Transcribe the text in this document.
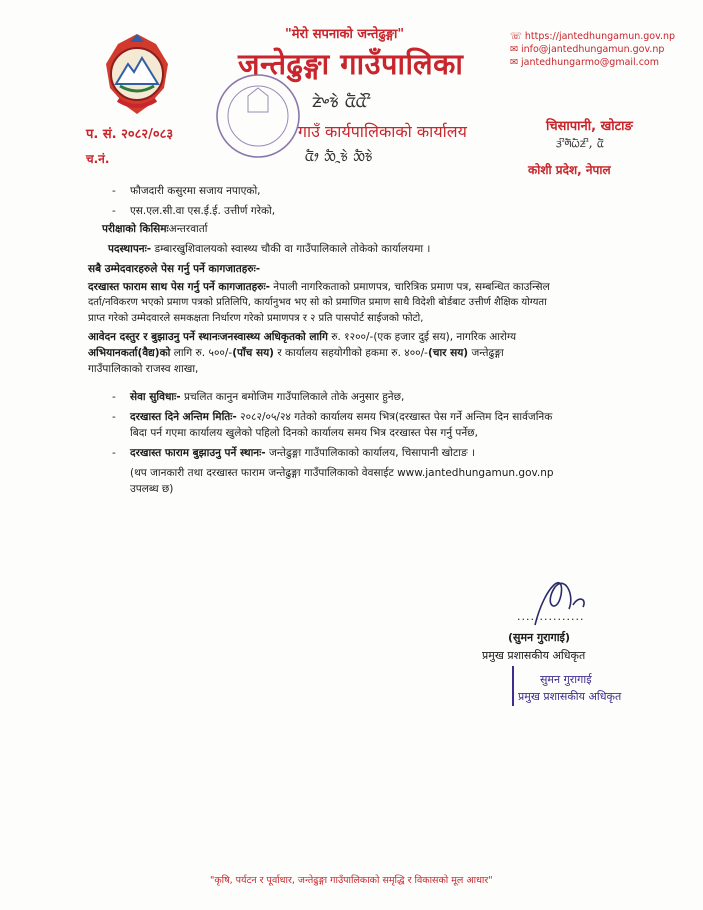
"मेरो सपनाको जन्तेढुङ्गा"
जन्तेढुङ्गा गाउँपालिका
ᤏᤧᤴᤃᤧ ᤂᤠᤂᤧᤡ
गाउँ कार्यपालिकाको कार्यालय
ᤂᤥ ᤑᤠᤳᤃᤧ ᤑᤠᤃᤧ
☏ https://jantedhungamun.gov.np
✉ info@jantedhungamun.gov.np
✉ jantedhungarmo@gmail.com
प. सं. २०८२/०८३
च.नं.
चिसापानी, खोटाङ
ᤋᤡᤛᤠᤐᤠᤏᤡ, ᤂᤠ
कोशी प्रदेश, नेपाल
- फौजदारी कसुरमा सजाय नपाएको,
- एस.एल.सी.वा एस.ई.ई. उत्तीर्ण गरेको,
परीक्षाको किसिमःअन्तरवार्ता
पदस्थापनः- डम्बारखुशिवालयको स्वास्थ्य चौकी वा गाउँपालिकाले तोकेको कार्यालयमा ।
सबै उम्मेदवारहरुले पेस गर्नु पर्ने कागजातहरुः-
दरखास्त फाराम साथ पेस गर्नु पर्ने कागजातहरुः- नेपाली नागरिकताको प्रमाणपत्र, चारित्रिक प्रमाण पत्र, सम्बन्धित काउन्सिल
दर्ता/नविकरण भएको प्रमाण पत्रको प्रतिलिपि, कार्यानुभव भए सो को प्रमाणित प्रमाण साथै विदेशी बोर्डबाट उत्तीर्ण शैक्षिक योग्यता
प्राप्त गरेको उम्मेदवारले समकक्षता निर्धारण गरेको प्रमाणपत्र र २ प्रति पासपोर्ट साईजको फोटो,
आवेदन दस्तुर र बुझाउनु पर्ने स्थानःजनस्वास्थ्य अधिकृतको लागि रु. १२००/-(एक हजार दुई सय), नागरिक आरोग्य
अभियानकर्ता(वैद्य)को लागि रु. ५००/-(पाँच सय) र कार्यालय सहयोगीको हकमा रु. ४००/-(चार सय) जन्तेढुङ्गा
गाउँपालिकाको राजस्व शाखा,
- सेवा सुविधाः- प्रचलित कानुन बमोजिम गाउँपालिकाले तोके अनुसार हुनेछ,
- दरखास्त दिने अन्तिम मितिः- २०८२/०५/२४ गतेको कार्यालय समय भित्र(दरखास्त पेस गर्ने अन्तिम दिन सार्वजनिक
बिदा पर्न गएमा कार्यालय खुलेको पहिलो दिनको कार्यालय समय भित्र दरखास्त पेस गर्नु पर्नेछ,
- दरखास्त फाराम बुझाउनु पर्ने स्थानः- जन्तेढुङ्गा गाउँपालिकाको कार्यालय, चिसापानी खोटाङ ।
(थप जानकारी तथा दरखास्त फाराम जन्तेढुङ्गा गाउँपालिकाको वेवसाईट www.jantedhungamun.gov.np
उपलब्ध छ)
...............
(सुमन गुरागाई)
प्रमुख प्रशासकीय अधिकृत
सुमन गुरागाई
प्रमुख प्रशासकीय अधिकृत
"कृषि, पर्यटन र पूर्वाधार, जन्तेढुङ्गा गाउँपालिकाको समृद्धि र विकासको मूल आधार"
